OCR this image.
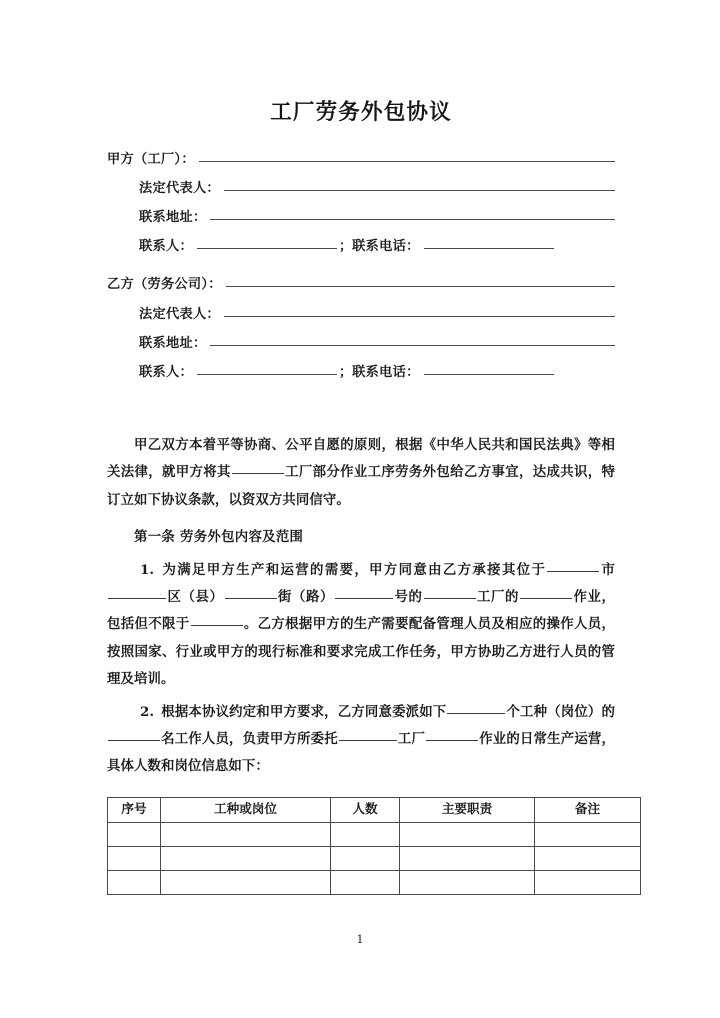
工厂劳务外包协议
甲方（工厂）：
法定代表人：
联系地址：
联系人：	； 联系电话：
乙方（劳务公司）：
法定代表人：
联系地址：
联系人：	； 联系电话：

甲乙双方本着平等协商、公平自愿的原则，根据《中华人民共和国民法典》等相关法律，就甲方将其	工厂部分作业工序劳务外包给乙方事宜，达成共识，特订立如下协议条款，以资双方共同信守。

第一条 劳务外包内容及范围

1. 为满足甲方生产和运营的需要，甲方同意由乙方承接其位于	市区（县）	街（路）	号的	工厂的	作业，包括但不限于	。乙方根据甲方的生产需要配备管理人员及相应的操作人员，按照国家、行业或甲方的现行标准和要求完成工作任务，甲方协助乙方进行人员的管理及培训。

2. 根据本协议约定和甲方要求，乙方同意委派如下	个工种（岗位）的名工作人员，负责甲方所委托	工厂	作业的日常生产运营，具体人数和岗位信息如下：

序号	工种或岗位	人数	主要职责	备注

1
